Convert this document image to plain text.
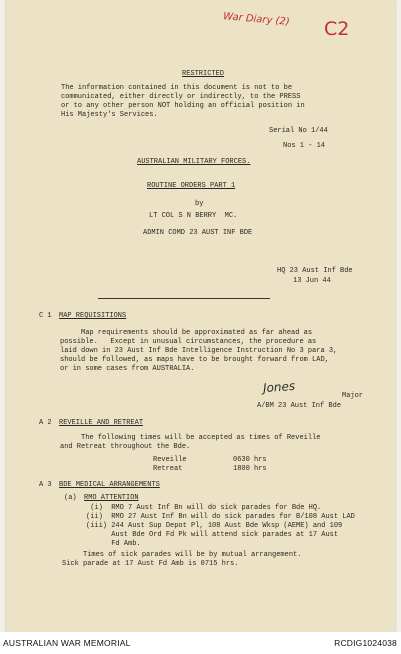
War Diary (2) C2
RESTRICTED
The information contained in this document is not to be
communicated, either directly or indirectly, to the PRESS
or to any other person NOT holding an official position in
His Majesty's Services.
Serial No 1/44
Nos 1 - 14
AUSTRALIAN MILITARY FORCES.
ROUTINE ORDERS PART 1
by
LT COL S N BERRY  MC.
ADMIN COMD 23 AUST INF BDE
HQ 23 Aust Inf Bde
13 Jun 44
C 1 MAP REQUISITIONS
Map requirements should be approximated as far ahead as
possible.   Except in unusual circumstances, the procedure as
laid down in 23 Aust Inf Bde Intelligence Instruction No 3 para 3,
should be followed, as maps have to be brought forward from LAD,
or in some cases from AUSTRALIA.
Jones
Major
A/BM 23 Aust Inf Bde
A 2 REVEILLE AND RETREAT
The following times will be accepted as times of Reveille
and Retreat throughout the Bde.
Reveille	0630 hrs
Retreat	1800 hrs
A 3 BDE MEDICAL ARRANGEMENTS
(a) RMO ATTENTION
(i)  RMO 7 Aust Inf Bn will do sick parades for Bde HQ.
(ii)  RMO 27 Aust Inf Bn will do sick parades for B/108 Aust LAD
(iii) 244 Aust Sup Depot Pl, 108 Aust Bde Wksp (AEME) and 109
Aust Bde Ord Fd Pk will attend sick parades at 17 Aust
Fd Amb.
Times of sick parades will be by mutual arrangement.
Sick parade at 17 Aust Fd Amb is 0715 hrs.
AUSTRALIAN WAR MEMORIAL	RCDIG1024038
